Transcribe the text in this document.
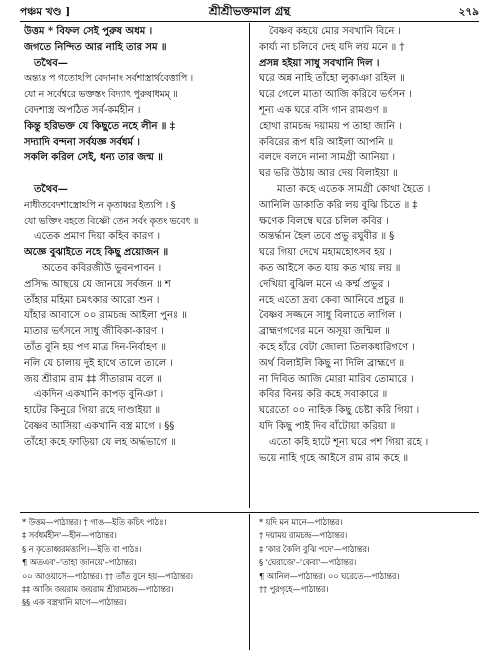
পঞ্চম খণ্ড ]	শ্রীশ্রীভক্তমাল গ্রন্থ	২৭৯
উত্তম * বিফল সেই পুরুষ অধম ।
জগতে নিন্দিত আর নাহি তার সম ॥
তথৈব—
অন্ত্যঃ প গতোঽপি বেদানাং সর্বশাস্ত্রার্থবেত্তাপি ।
যো ন সর্বেশ্বরে ভক্তস্তং বিদ্যাৎ পুরুষাধমম্‌ ॥
বেদশাস্ত্র অপঠিত সর্ব-কর্মহীন ।
কিন্তু হরিভক্ত যে কিছুতে নহে লীন ॥ ‡
সদ্যাদি বন্দনা সর্বযজ্ঞ সর্বধর্ম ।
সকলি করিল সেই, ধন্য তার জন্ম ॥
তথৈব—
নাধীতবেদশাস্ত্রোঽপি ন কৃতাধ্বর ইত্যপি । §
যো ভক্তিং বহতে বিষ্ণৌ তেন সর্বং কৃতং ভবেৎ ॥
এতেক প্রমাণ দিয়া কহিব কারণ ।
অজ্ঞে বুঝাইতে নহে কিছু প্রয়োজন ॥
অতেব কবিরজীউ ভুবনপাবন ।
প্রসিদ্ধ আছয়ে যে জানয়ে সর্বজন ॥ শ
তাঁহার মহিমা চমৎকার আরো শুন ।
যাঁহার আবাসে ০০ রামচন্দ্র আইলা পুনঃ ॥
মাতার ভর্ৎসনে সাধু জীবিকা-কারণ ।
তাঁত বুনি হয় পণ মাত্র দিন-নির্বাহণ ॥
নলি যে চালায় দুই হাথে তালে তালে ।
জয় শ্রীরাম রাম ‡‡ সীতারাম বলে ॥
একদিন একখানি কাপড় বুনিঞা ।
হাটের কিনুরে গিয়া রহে দাণ্ডাইয়া ॥
বৈষ্ণব আসিয়া একখানি বস্ত্র মাগে । §§
তাঁহো কহে ফাড়িয়া যে লহ অর্দ্ধভাগে ॥
বৈষ্ণব কহয়ে মোর সবখানি বিনে ।
কার্য্য না চলিবে দেহ যদি লয় মনে ॥ †
প্রসন্ন হইয়া সাধু সবখানি দিল ।
ঘরে অন্ন নাহি তাঁহো লুকাঞা রহিল ॥
ঘরে গেলে মাতা আজি করিবে ভর্ৎসন ।
শূন্য এক ঘরে বসি গান রামগুণ ॥
হোথা রামচন্দ্র দয়াময় প তাহা জানি ।
কবিরের রূপ ধরি আইলা আপনি ॥
বলদে বলদে নানা সামগ্রী আনিয়া ।
ঘর ভরি উঠায় আর দেয় বিলাইয়া ॥
মাতা কহে এতেক সামগ্রী কোথা হৈতে ।
আনিলি ডাকাতি করি লয় বুঝি চিতে ॥ ‡
ক্ষণেক বিলম্বে ঘরে চলিল কবির ।
অন্তর্দ্ধান হৈল তবে প্রভু রঘুবীর ॥ §
ঘরে গিয়া দেখে মহামহোৎসব হয় ।
কত আইসে কত যায় কত খায় লয় ॥
দেখিয়া বুঝিল মনে এ কর্ম্ম প্রভুর ।
নহে এতো দ্রব্য কেবা আনিবে প্রচুর ॥
বৈষ্ণব সজ্জনে সাধু বিলাতে লাগিল ।
ব্রাহ্মণগণের মনে অসূয়া জন্মিল ॥
কহে হাঁরে বেটা জোলা তিলকধারিগণে ।
অর্থ বিলাইলি কিছু না দিলি ব্রাহ্মণে ॥
না দিবিত আজি মোরা মারিব তোমারে ।
কবির বিনয় করি কহে সবাকারে ॥
ঘরেতো ০০ নাহিক কিছু চেষ্টা করি গিয়া ।
যদি কিছু পাই দিব বাঁটোয়া করিয়া ॥
এতো কহি হাটে শূন্য ঘরে পশ গিয়া রহে ।
ভয়ে নাহি গৃহে আইসে রাম রাম কহে ॥
* উত্তম—পাঠান্তর। † গাঙ—ইতি কচিৎ পাঠঃ।
‡ সর্বধর্মহীন'—হীন—পাঠান্তর।
§ ন কৃতোধ্বরমত্ত্যপি।—ইতি বা পাঠঃ।
¶ অতএব'–'তাহা জানয়ে'–পাঠান্তর।
০০ আওয়াসে—পাঠান্তর। †† তাঁত বুনে হয়—পাঠান্তর।
‡‡ আজি জয়রাম জয়রাম শ্রীরামচন্দ্র—পাঠান্তর।
§§ এক বস্ত্রখানি মাগে—পাঠান্তর।
* যদি মন মানে—পাঠান্তর।
† দয়াময় রামচন্দ্র—পাঠান্তর।
‡ 'কার কৈলি বুঝি পদে'—পাঠান্তর।
§ 'ঘেরাজে'–'কেবা'—পাঠান্তর।
¶ আনিল—পাঠান্তর। ০০ ঘরেতে—পাঠান্তর।
†† পুরগৃহে—পাঠান্তর।
